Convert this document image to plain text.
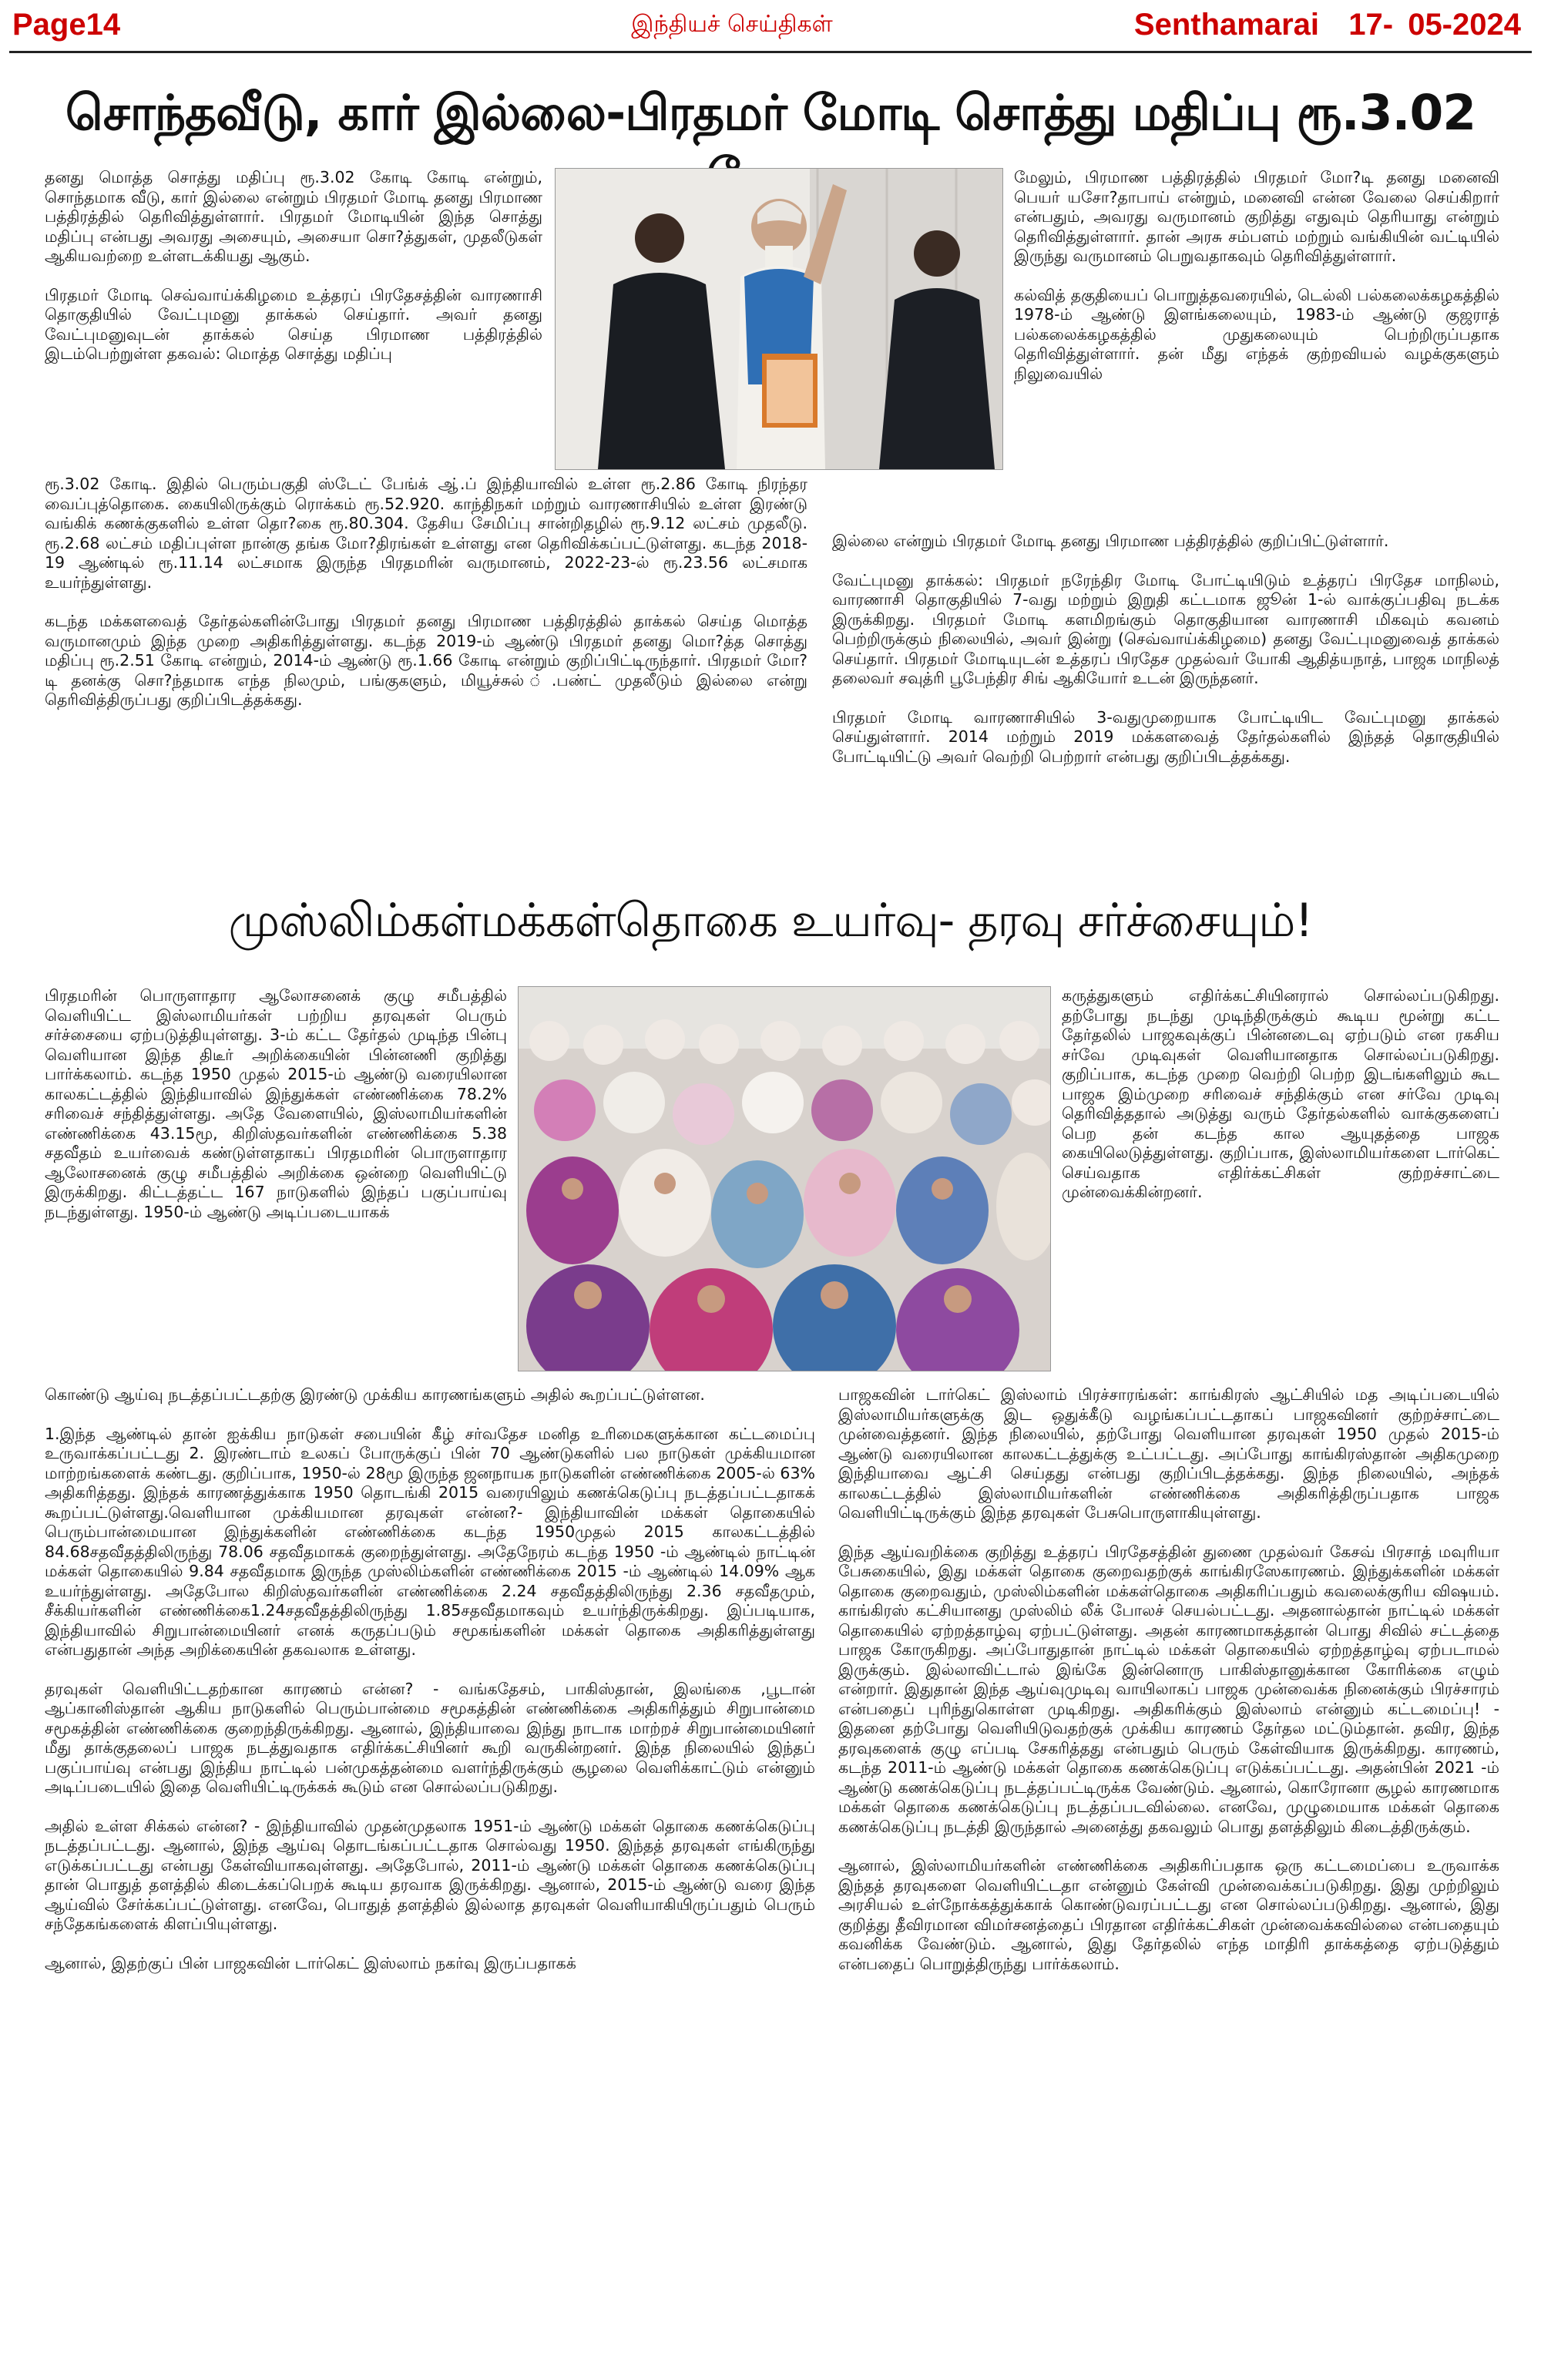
Page14	இந்தியச் செய்திகள்	Senthamarai 17- 05-2024
சொந்தவீடு, கார் இல்லை-பிரதமர் மோடி சொத்து மதிப்பு ரூ.3.02

தனது மொத்த சொத்து மதிப்பு ரூ.3.02 கோடி கோடி என்றும், சொந்தமாக வீடு, கார் இல்லை என்றும் பிரதமர் மோடி தனது பிரமாண பத்திரத்தில் தெரிவித்துள்ளார். பிரதமர் மோடியின் இந்த சொத்து மதிப்பு என்பது அவரது அசையும், அசையா சொ?த்துகள், முதலீடுகள் ஆகியவற்றை உள்ளடக்கியது ஆகும்.

பிரதமர் மோடி செவ்வாய்க்கிழமை உத்தரப் பிரதேசத்தின் வாரணாசி தொகுதியில் வேட்புமனு தாக்கல் செய்தார். அவர் தனது வேட்புமனுவுடன் தாக்கல் செய்த பிரமாண பத்திரத்தில் இடம்பெற்றுள்ள தகவல்: மொத்த சொத்து மதிப்பு

மேலும், பிரமாண பத்திரத்தில் பிரதமர் மோ?டி தனது மனைவி பெயர் யசோ?தாபாய் என்றும், மனைவி என்ன வேலை செய்கிறார் என்பதும், அவரது வருமானம் குறித்து எதுவும் தெரியாது என்றும் தெரிவித்துள்ளார். தான் அரசு சம்பளம் மற்றும் வங்கியின் வட்டியில் இருந்து வருமானம் பெறுவதாகவும் தெரிவித்துள்ளார்.

கல்வித் தகுதியைப் பொறுத்தவரையில், டெல்லி பல்கலைக்கழகத்தில் 1978-ம் ஆண்டு இளங்கலையும், 1983-ம் ஆண்டு குஜராத் பல்கலைக்கழகத்தில் முதுகலையும் பெற்றிருப்பதாக தெரிவித்துள்ளார். தன் மீது எந்தக் குற்றவியல் வழக்குகளும் நிலுவையில்

இல்லை என்றும் பிரதமர் மோடி தனது பிரமாண பத்திரத்தில் குறிப்பிட்டுள்ளார்.

வேட்புமனு தாக்கல்: பிரதமர் நரேந்திர மோடி போட்டியிடும் உத்தரப் பிரதேச மாநிலம், வாரணாசி தொகுதியில் 7-வது மற்றும் இறுதி கட்டமாக ஜூன் 1-ல் வாக்குப்பதிவு நடக்க இருக்கிறது. பிரதமர் மோடி களமிறங்கும் தொகுதியான வாரணாசி மிகவும் கவனம் பெற்றிருக்கும் நிலையில், அவர் இன்று (செவ்வாய்க்கிழமை) தனது வேட்புமனுவைத் தாக்கல் செய்தார். பிரதமர் மோடியுடன் உத்தரப் பிரதேச முதல்வர் யோகி ஆதித்யநாத், பாஜக மாநிலத் தலைவர் சவுத்ரி பூபேந்திர சிங் ஆகியோர் உடன் இருந்தனர்.

பிரதமர் மோடி வாரணாசியில் 3-வதுமுறையாக போட்டியிட வேட்புமனு தாக்கல் செய்துள்ளார். 2014 மற்றும் 2019 மக்களவைத் தேர்தல்களில் இந்தத் தொகுதியில் போட்டியிட்டு அவர் வெற்றி பெற்றார் என்பது குறிப்பிடத்தக்கது.

ரூ.3.02 கோடி. இதில் பெரும்பகுதி ஸ்டேட் பேங்க் ஆ்.ப் இந்தியாவில் உள்ள ரூ.2.86 கோடி நிரந்தர வைப்புத்தொகை. கையிலிருக்கும் ரொக்கம் ரூ.52.920. காந்திநகர் மற்றும் வாரணாசியில் உள்ள இரண்டு வங்கிக் கணக்குகளில் உள்ள தொ?கை ரூ.80.304. தேசிய சேமிப்பு சான்றிதழில் ரூ.9.12 லட்சம் முதலீடு. ரூ.2.68 லட்சம் மதிப்புள்ள நான்கு தங்க மோ?திரங்கள் உள்ளது என தெரிவிக்கப்பட்டுள்ளது. கடந்த 2018-19 ஆண்டில் ரூ.11.14 லட்சமாக இருந்த பிரதமரின் வருமானம், 2022-23-ல் ரூ.23.56 லட்சமாக உயர்ந்துள்ளது.

கடந்த மக்களவைத் தேர்தல்களின்போது பிரதமர் தனது பிரமாண பத்திரத்தில் தாக்கல் செய்த மொத்த வருமானமும் இந்த முறை அதிகரித்துள்ளது. கடந்த 2019-ம் ஆண்டு பிரதமர் தனது மொ?த்த சொத்து மதிப்பு ரூ.2.51 கோடி என்றும், 2014-ம் ஆண்டு ரூ.1.66 கோடி என்றும் குறிப்பிட்டிருந்தார். பிரதமர் மோ?டி தனக்கு சொ?ந்தமாக எந்த நிலமும், பங்குகளும், மியூச்சுல் ்.பண்ட் முதலீடும் இல்லை என்று தெரிவித்திருப்பது குறிப்பிடத்தக்கது.

முஸ்லிம்கள்மக்கள்தொகை உயர்வு- தரவு சர்ச்சையும்!

பிரதமரின் பொருளாதார ஆலோசனைக் குழு சமீபத்தில் வெளியிட்ட இஸ்லாமியர்கள் பற்றிய தரவுகள் பெரும் சர்ச்சையை ஏற்படுத்தியுள்ளது. 3-ம் கட்ட தேர்தல் முடிந்த பின்பு வெளியான இந்த திடீர் அறிக்கையின் பின்னணி குறித்து பார்க்கலாம். கடந்த 1950 முதல் 2015-ம் ஆண்டு வரையிலான காலகட்டத்தில் இந்தியாவில் இந்துக்கள் எண்ணிக்கை 78.2% சரிவைச் சந்தித்துள்ளது. அதே வேளையில், இஸ்லாமியர்களின் எண்ணிக்கை 43.15மூ, கிறிஸ்தவர்களின் எண்ணிக்கை 5.38 சதவீதம் உயர்வைக் கண்டுள்ளதாகப் பிரதமரின் பொருளாதார ஆலோசனைக் குழு சமீபத்தில் அறிக்கை ஒன்றை வெளியிட்டு இருக்கிறது. கிட்டத்தட்ட 167 நாடுகளில் இந்தப் பகுப்பாய்வு நடந்துள்ளது. 1950-ம் ஆண்டு அடிப்படையாகக்

கருத்துகளும் எதிர்க்கட்சியினரால் சொல்லப்படுகிறது. தற்போது நடந்து முடிந்திருக்கும் கூடிய மூன்று கட்ட தேர்தலில் பாஜகவுக்குப் பின்னடைவு ஏற்படும் என ரகசிய சர்வே முடிவுகள் வெளியானதாக சொல்லப்படுகிறது. குறிப்பாக, கடந்த முறை வெற்றி பெற்ற இடங்களிலும் கூட பாஜக இம்முறை சரிவைச் சந்திக்கும் என சர்வே முடிவு தெரிவித்ததால் அடுத்து வரும் தேர்தல்களில் வாக்குகளைப் பெற தன் கடந்த கால ஆயுதத்தை பாஜக கையிலெடுத்துள்ளது. குறிப்பாக, இஸ்லாமியர்களை டார்கெட் செய்வதாக எதிர்க்கட்சிகள் குற்றச்சாட்டை முன்வைக்கின்றனர்.

கொண்டு ஆய்வு நடத்தப்பட்டதற்கு இரண்டு முக்கிய காரணங்களும் அதில் கூறப்பட்டுள்ளன.

1.இந்த ஆண்டில் தான் ஐக்கிய நாடுகள் சபையின் கீழ் சர்வதேச மனித உரிமைகளுக்கான கட்டமைப்பு உருவாக்கப்பட்டது 2. இரண்டாம் உலகப் போருக்குப் பின் 70 ஆண்டுகளில் பல நாடுகள் முக்கியமான மாற்றங்களைக் கண்டது. குறிப்பாக, 1950-ல் 28மூ இருந்த ஜனநாயக நாடுகளின் எண்ணிக்கை 2005-ல் 63% அதிகரித்தது. இந்தக் காரணத்துக்காக 1950 தொடங்கி 2015 வரையிலும் கணக்கெடுப்பு நடத்தப்பட்டதாகக் கூறப்பட்டுள்ளது.வெளியான முக்கியமான தரவுகள் என்ன?- இந்தியாவின் மக்கள் தொகையில் பெரும்பான்மையான இந்துக்களின் எண்ணிக்கை கடந்த 1950முதல் 2015 காலகட்டத்தில் 84.68சதவீதத்திலிருந்து 78.06 சதவீதமாகக் குறைந்துள்ளது. அதேநேரம் கடந்த 1950 -ம் ஆண்டில் நாட்டின் மக்கள் தொகையில் 9.84 சதவீதமாக இருந்த முஸ்லிம்களின் எண்ணிக்கை 2015 -ம் ஆண்டில் 14.09% ஆக உயர்ந்துள்ளது. அதேபோல கிறிஸ்தவர்களின் எண்ணிக்கை 2.24 சதவீதத்திலிருந்து 2.36 சதவீதமும், சீக்கியர்களின் எண்ணிக்கை1.24சதவீதத்திலிருந்து 1.85சதவீதமாகவும் உயர்ந்திருக்கிறது. இப்படியாக, இந்தியாவில் சிறுபான்மையினர் எனக் கருதப்படும் சமூகங்களின் மக்கள் தொகை அதிகரித்துள்ளது என்பதுதான் அந்த அறிக்கையின் தகவலாக உள்ளது.

தரவுகள் வெளியிட்டதற்கான காரணம் என்ன? - வங்கதேசம், பாகிஸ்தான், இலங்கை ,பூடான் ஆப்கானிஸ்தான் ஆகிய நாடுகளில் பெரும்பான்மை சமூகத்தின் எண்ணிக்கை அதிகரித்தும் சிறுபான்மை சமூகத்தின் எண்ணிக்கை குறைந்திருக்கிறது. ஆனால், இந்தியாவை இந்து நாடாக மாற்றச் சிறுபான்மையினர் மீது தாக்குதலைப் பாஜக நடத்துவதாக எதிர்க்கட்சியினர் கூறி வருகின்றனர். இந்த நிலையில் இந்தப் பகுப்பாய்வு என்பது இந்திய நாட்டில் பன்முகத்தன்மை வளர்ந்திருக்கும் சூழலை வெளிக்காட்டும் என்னும் அடிப்படையில் இதை வெளியிட்டிருக்கக் கூடும் என சொல்லப்படுகிறது.

அதில் உள்ள சிக்கல் என்ன? - இந்தியாவில் முதன்முதலாக 1951-ம் ஆண்டு மக்கள் தொகை கணக்கெடுப்பு நடத்தப்பட்டது. ஆனால், இந்த ஆய்வு தொடங்கப்பட்டதாக சொல்வது 1950. இந்தத் தரவுகள் எங்கிருந்து எடுக்கப்பட்டது என்பது கேள்வியாகவுள்ளது. அதேபோல், 2011-ம் ஆண்டு மக்கள் தொகை கணக்கெடுப்பு தான் பொதுத் தளத்தில் கிடைக்கப்பெறக் கூடிய தரவாக இருக்கிறது. ஆனால், 2015-ம் ஆண்டு வரை இந்த ஆய்வில் சேர்க்கப்பட்டுள்ளது. எனவே, பொதுத் தளத்தில் இல்லாத தரவுகள் வெளியாகியிருப்பதும் பெரும் சந்தேகங்களைக் கிளப்பியுள்ளது.

ஆனால், இதற்குப் பின் பாஜகவின் டார்கெட் இஸ்லாம் நகர்வு இருப்பதாகக்

பாஜகவின் டார்கெட் இஸ்லாம் பிரச்சாரங்கள்: காங்கிரஸ் ஆட்சியில் மத அடிப்படையில் இஸ்லாமியர்களுக்கு இட ஒதுக்கீடு வழங்கப்பட்டதாகப் பாஜகவினர் குற்றச்சாட்டை முன்வைத்தனர். இந்த நிலையில், தற்போது வெளியான தரவுகள் 1950 முதல் 2015-ம் ஆண்டு வரையிலான காலகட்டத்துக்கு உட்பட்டது. அப்போது காங்கிரஸ்தான் அதிகமுறை இந்தியாவை ஆட்சி செய்தது என்பது குறிப்பிடத்தக்கது. இந்த நிலையில், அந்தக் காலகட்டத்தில் இஸ்லாமியர்களின் எண்ணிக்கை அதிகரித்திருப்பதாக பாஜக வெளியிட்டிருக்கும் இந்த தரவுகள் பேசுபொருளாகியுள்ளது.

இந்த ஆய்வறிக்கை குறித்து உத்தரப் பிரதேசத்தின் துணை முதல்வர் கேசவ் பிரசாத் மவுரியா பேசுகையில், இது மக்கள் தொகை குறைவதற்குக் காங்கிரஸேகாரணம். இந்துக்களின் மக்கள் தொகை குறைவதும், முஸ்லிம்களின் மக்கள்தொகை அதிகரிப்பதும் கவலைக்குரிய விஷயம். காங்கிரஸ் கட்சியானது முஸ்லிம் லீக் போலச் செயல்பட்டது. அதனால்தான் நாட்டில் மக்கள் தொகையில் ஏற்றத்தாழ்வு ஏற்பட்டுள்ளது. அதன் காரணமாகத்தான் பொது சிவில் சட்டத்தை பாஜக கோருகிறது. அப்போதுதான் நாட்டில் மக்கள் தொகையில் ஏற்றத்தாழ்வு ஏற்படாமல் இருக்கும். இல்லாவிட்டால் இங்கே இன்னொரு பாகிஸ்தானுக்கான கோரிக்கை எழும் என்றார். இதுதான் இந்த ஆய்வுமுடிவு வாயிலாகப் பாஜக முன்வைக்க நினைக்கும் பிரச்சாரம் என்பதைப் புரிந்துகொள்ள முடிகிறது. அதிகரிக்கும் இஸ்லாம் என்னும் கட்டமைப்பு! - இதனை தற்போது வெளியிடுவதற்குக் முக்கிய காரணம் தேர்தல மட்டும்தான். தவிர, இந்த தரவுகளைக் குழு எப்படி சேகரித்தது என்பதும் பெரும் கேள்வியாக இருக்கிறது. காரணம், கடந்த 2011-ம் ஆண்டு மக்கள் தொகை கணக்கெடுப்பு எடுக்கப்பட்டது. அதன்பின் 2021 -ம் ஆண்டு கணக்கெடுப்பு நடத்தப்பட்டிருக்க வேண்டும். ஆனால், கொரோனா சூழல் காரணமாக மக்கள் தொகை கணக்கெடுப்பு நடத்தப்படவில்லை. எனவே, முழுமையாக மக்கள் தொகை கணக்கெடுப்பு நடத்தி இருந்தால் அனைத்து தகவலும் பொது தளத்திலும் கிடைத்திருக்கும்.

ஆனால், இஸ்லாமியர்களின் எண்ணிக்கை அதிகரிப்பதாக ஒரு கட்டமைப்பை உருவாக்க இந்தத் தரவுகளை வெளியிட்டதா என்னும் கேள்வி முன்வைக்கப்படுகிறது. இது முற்றிலும் அரசியல் உள்நோக்கத்துக்காக் கொண்டுவரப்பட்டது என சொல்லப்படுகிறது. ஆனால், இது குறித்து தீவிரமான விமர்சனத்தைப் பிரதான எதிர்க்கட்சிகள் முன்வைக்கவில்லை என்பதையும் கவனிக்க வேண்டும். ஆனால், இது தேர்தலில் எந்த மாதிரி தாக்கத்தை ஏற்படுத்தும் என்பதைப் பொறுத்திருந்து பார்க்கலாம்.
